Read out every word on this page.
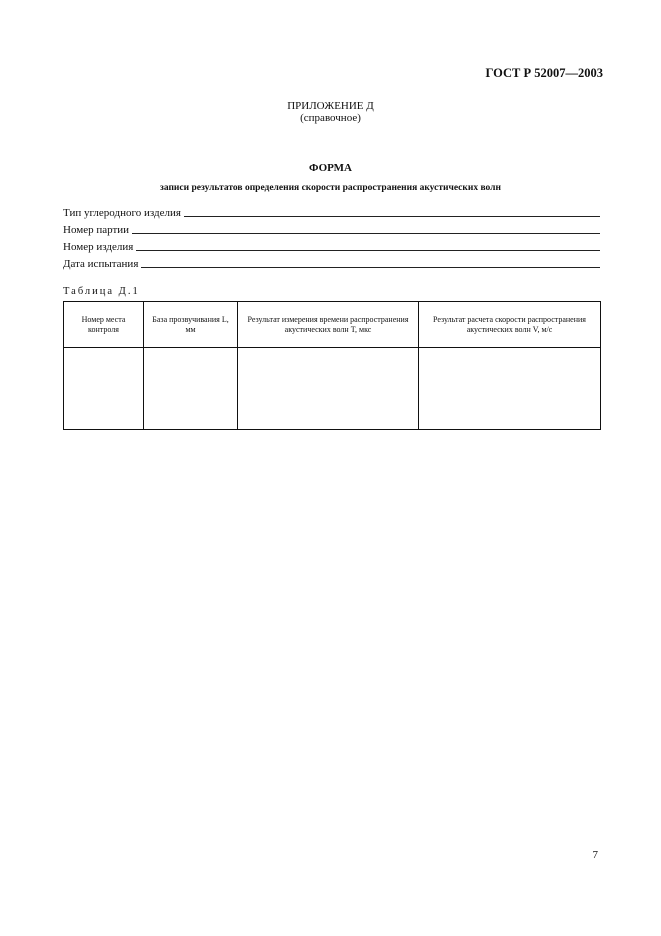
ГОСТ Р 52007—2003
ПРИЛОЖЕНИЕ Д
(справочное)
ФОРМА
записи результатов определения скорости распространения акустических волн
Тип углеродного изделия
Номер партии
Номер изделия
Дата испытания
Таблица Д.1
Номер места контроля	База прозвучивания L, мм	Результат измерения времени распространения акустических волн T, мкс	Результат расчета скорости распространения акустических волн V, м/с

7
